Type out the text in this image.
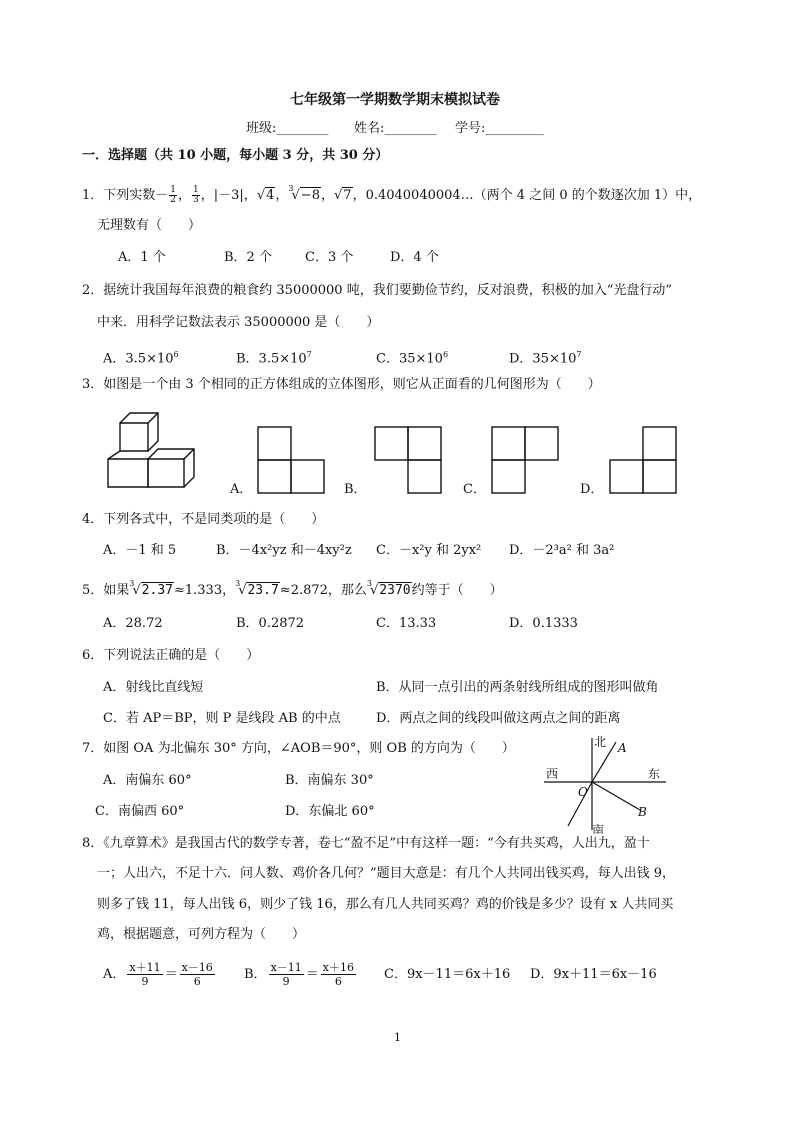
七年级第一学期数学期末模拟试卷
班级:________ 姓名:________ 学号:_________
一．选择题（共 10 小题，每小题 3 分，共 30 分）
1．下列实数－ $\frac{1}{2}$ ， $\frac{1}{3}$ ，|－3|，√4，$^3$√−8，√7，0.4040040004…（两个 4 之间 0 的个数逐次加 1）中，
无理数有（　　）
A．1 个	B．2 个	C．3 个	D．4 个
2．据统计我国每年浪费的粮食约 35000000 吨，我们要勤俭节约，反对浪费，积极的加入“光盘行动”
中来．用科学记数法表示 35000000 是（　　）
A．$3.5\times 10^6$	B．$3.5\times 10^7$	C．$35\times 10^6$	D．$35\times 10^7$
3．如图是一个由 3 个相同的正方体组成的立体图形，则它从正面看的几何图形为（　　）
A．	B．	C．	D．
4．下列各式中，不是同类项的是（　　）
A．－1 和 5	B．－4x²yz 和－4xy²z C．－x²y 和 2yx² D．－2³a² 和 3a²
5．如果$^3$√2.37≈1.333，$^3$√23.7≈2.872，那么$^3$√2370约等于（　　）
A．28.72	B．0.2872	C．13.33	D．0.1333
6．下列说法正确的是（　　）
A．射线比直线短	B．从同一点引出的两条射线所组成的图形叫做角
C．若 AP＝BP，则 P 是线段 AB 的中点	D．两点之间的线段叫做这两点之间的距离
7．如图 OA 为北偏东 30° 方向，∠AOB＝90°，则 OB 的方向为（　　）
A．南偏东 60°	B．南偏东 30°
C．南偏西 60°	D．东偏北 60°
北
南
西	东
O
A
B
8．《九章算术》是我国古代的数学专著，卷七“盈不足”中有这样一题：“今有共买鸡，人出九，盈十
一；人出六，不足十六．问人数、鸡价各几何？”题目大意是：有几个人共同出钱买鸡，每人出钱 9，
则多了钱 11，每人出钱 6，则少了钱 16，那么有几人共同买鸡？鸡的价钱是多少？设有 x 人共同买
鸡，根据题意，可列方程为（　　）
A． $\frac{x+11}{9} = \frac{x-16}{6}$ B． $\frac{x-11}{9} = \frac{x+16}{6}$ C．9x－11＝6x＋16 D．9x＋11＝6x－16
1
